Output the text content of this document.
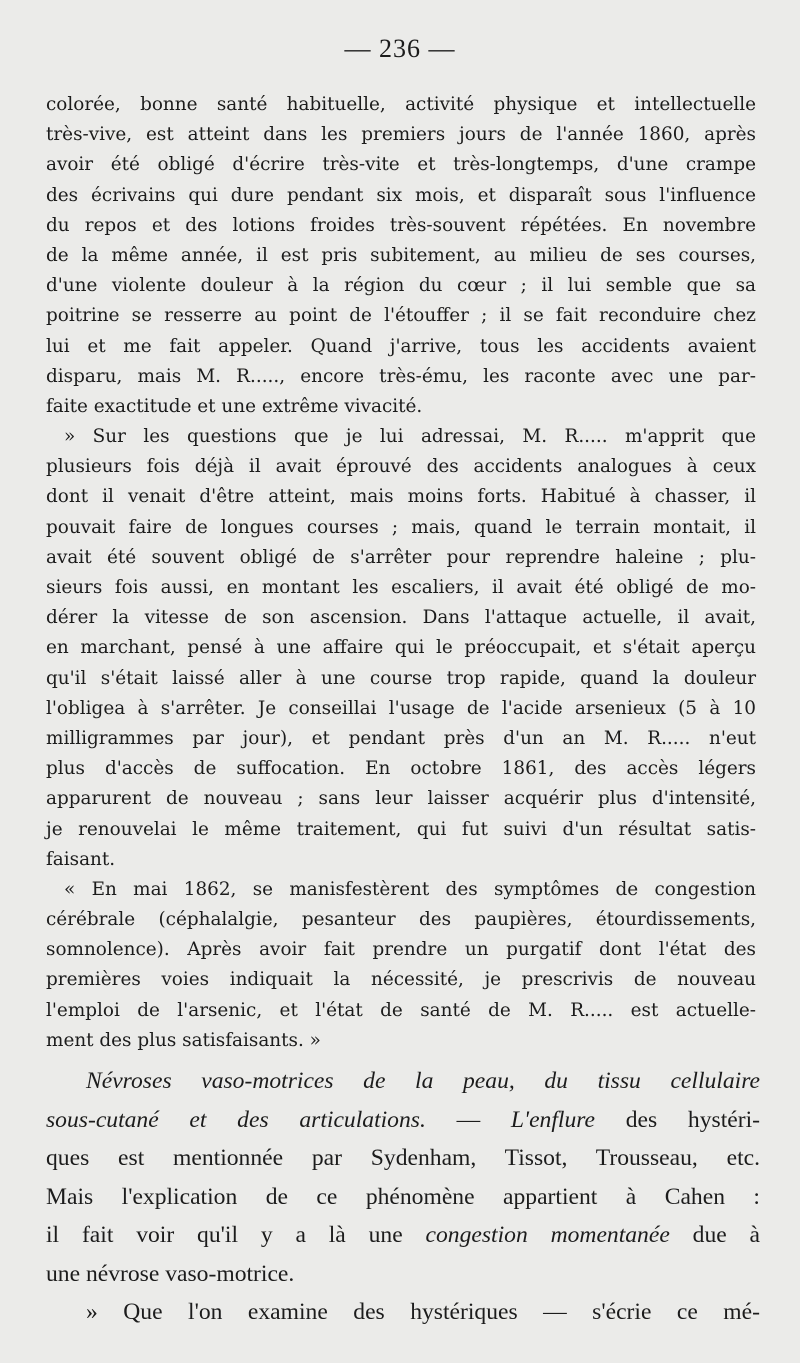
— 236 —
colorée, bonne santé habituelle, activité physique et intellectuelle
très-vive, est atteint dans les premiers jours de l'année 1860, après
avoir été obligé d'écrire très-vite et très-longtemps, d'une crampe
des écrivains qui dure pendant six mois, et disparaît sous l'influence
du repos et des lotions froides très-souvent répétées. En novembre
de la même année, il est pris subitement, au milieu de ses courses,
d'une violente douleur à la région du cœur ; il lui semble que sa
poitrine se resserre au point de l'étouffer ; il se fait reconduire chez
lui et me fait appeler. Quand j'arrive, tous les accidents avaient
disparu, mais M. R....., encore très-ému, les raconte avec une par-
faite exactitude et une extrême vivacité.
» Sur les questions que je lui adressai, M. R..... m'apprit que
plusieurs fois déjà il avait éprouvé des accidents analogues à ceux
dont il venait d'être atteint, mais moins forts. Habitué à chasser, il
pouvait faire de longues courses ; mais, quand le terrain montait, il
avait été souvent obligé de s'arrêter pour reprendre haleine ; plu-
sieurs fois aussi, en montant les escaliers, il avait été obligé de mo-
dérer la vitesse de son ascension. Dans l'attaque actuelle, il avait,
en marchant, pensé à une affaire qui le préoccupait, et s'était aperçu
qu'il s'était laissé aller à une course trop rapide, quand la douleur
l'obligea à s'arrêter. Je conseillai l'usage de l'acide arsenieux (5 à 10
milligrammes par jour), et pendant près d'un an M. R..... n'eut
plus d'accès de suffocation. En octobre 1861, des accès légers
apparurent de nouveau ; sans leur laisser acquérir plus d'intensité,
je renouvelai le même traitement, qui fut suivi d'un résultat satis-
faisant.
« En mai 1862, se manisfestèrent des symptômes de congestion
cérébrale (céphalalgie, pesanteur des paupières, étourdissements,
somnolence). Après avoir fait prendre un purgatif dont l'état des
premières voies indiquait la nécessité, je prescrivis de nouveau
l'emploi de l'arsenic, et l'état de santé de M. R..... est actuelle-
ment des plus satisfaisants. »
Névroses vaso-motrices de la peau, du tissu cellulaire
sous-cutané et des articulations. — L'enflure des hystéri-
ques est mentionnée par Sydenham, Tissot, Trousseau, etc.
Mais l'explication de ce phénomène appartient à Cahen :
il fait voir qu'il y a là une congestion momentanée due à
une névrose vaso-motrice.
» Que l'on examine des hystériques — s'écrie ce mé-
